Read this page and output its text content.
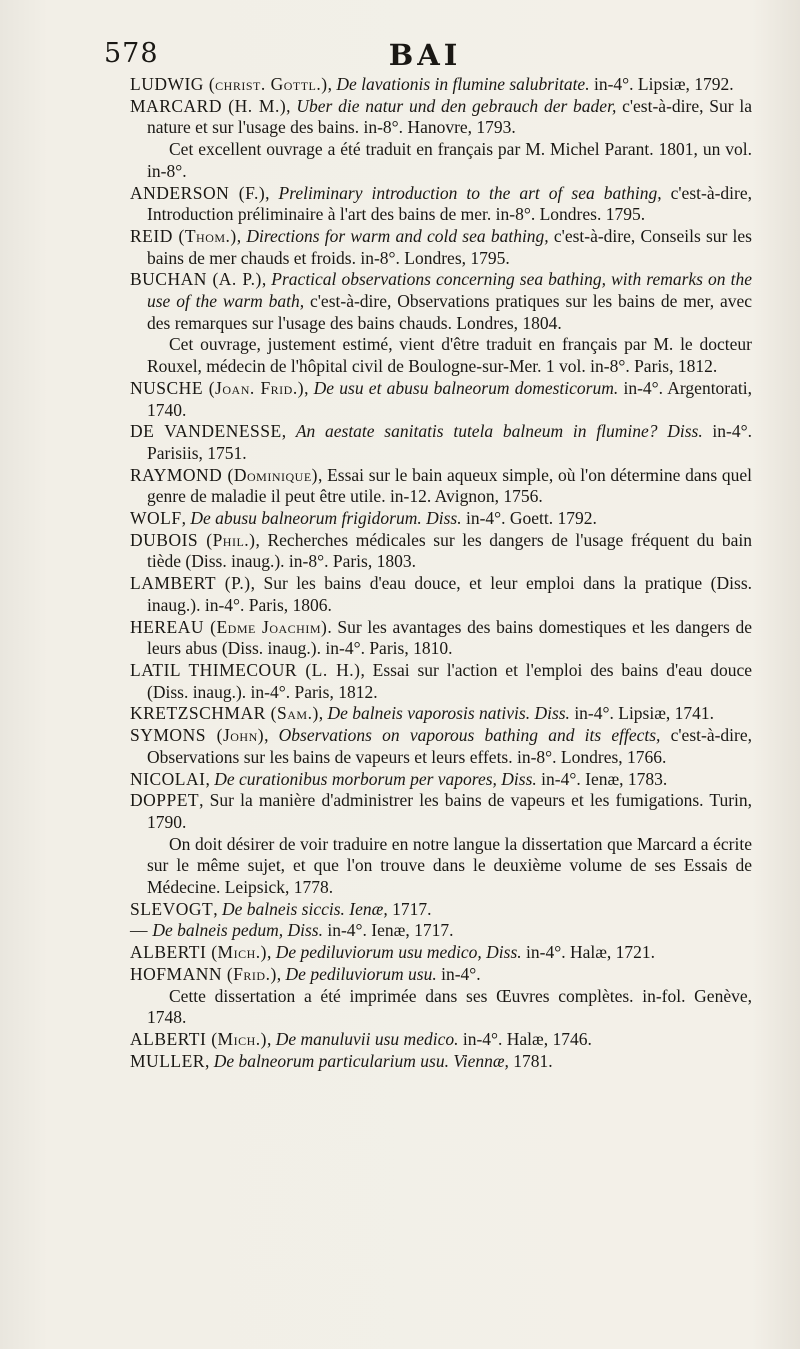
578	BAI
LUDWIG (christ. Gottl.), De lavationis in flumine salubritate. in-4°. Lipsiæ, 1792.
MARCARD (H. M.), Uber die natur und den gebrauch der bader, c'est-à-dire, Sur la nature et sur l'usage des bains. in-8°. Hanovre, 1793.
Cet excellent ouvrage a été traduit en français par M. Michel Parant. 1801, un vol. in-8°.
ANDERSON (F.), Preliminary introduction to the art of sea bathing, c'est-à-dire, Introduction préliminaire à l'art des bains de mer. in-8°. Londres. 1795.
REID (Thom.), Directions for warm and cold sea bathing, c'est-à-dire, Conseils sur les bains de mer chauds et froids. in-8°. Londres, 1795.
BUCHAN (A. P.), Practical observations concerning sea bathing, with remarks on the use of the warm bath, c'est-à-dire, Observations pratiques sur les bains de mer, avec des remarques sur l'usage des bains chauds. Londres, 1804.
Cet ouvrage, justement estimé, vient d'être traduit en français par M. le docteur Rouxel, médecin de l'hôpital civil de Boulogne-sur-Mer. 1 vol. in-8°. Paris, 1812.
NUSCHE (Joan. Frid.), De usu et abusu balneorum domesticorum. in-4°. Argentorati, 1740.
DE VANDENESSE, An aestate sanitatis tutela balneum in flumine? Diss. in-4°. Parisiis, 1751.
RAYMOND (Dominique), Essai sur le bain aqueux simple, où l'on détermine dans quel genre de maladie il peut être utile. in-12. Avignon, 1756.
WOLF, De abusu balneorum frigidorum. Diss. in-4°. Goett. 1792.
DUBOIS (Phil.), Recherches médicales sur les dangers de l'usage fréquent du bain tiède (Diss. inaug.). in-8°. Paris, 1803.
LAMBERT (P.), Sur les bains d'eau douce, et leur emploi dans la pratique (Diss. inaug.). in-4°. Paris, 1806.
HEREAU (Edme Joachim). Sur les avantages des bains domestiques et les dangers de leurs abus (Diss. inaug.). in-4°. Paris, 1810.
LATIL THIMECOUR (L. H.), Essai sur l'action et l'emploi des bains d'eau douce (Diss. inaug.). in-4°. Paris, 1812.
KRETZSCHMAR (Sam.), De balneis vaporosis nativis. Diss. in-4°. Lipsiæ, 1741.
SYMONS (John), Observations on vaporous bathing and its effects, c'est-à-dire, Observations sur les bains de vapeurs et leurs effets. in-8°. Londres, 1766.
NICOLAI, De curationibus morborum per vapores, Diss. in-4°. Ienæ, 1783.
DOPPET, Sur la manière d'administrer les bains de vapeurs et les fumigations. Turin, 1790.
On doit désirer de voir traduire en notre langue la dissertation que Marcard a écrite sur le même sujet, et que l'on trouve dans le deuxième volume de ses Essais de Médecine. Leipsick, 1778.
SLEVOGT, De balneis siccis. Ienæ, 1717.
— De balneis pedum, Diss. in-4°. Ienæ, 1717.
ALBERTI (Mich.), De pediluviorum usu medico, Diss. in-4°. Halæ, 1721.
HOFMANN (Frid.), De pediluviorum usu. in-4°.
Cette dissertation a été imprimée dans ses Œuvres complètes. in-fol. Genève, 1748.
ALBERTI (Mich.), De manuluvii usu medico. in-4°. Halæ, 1746.
MULLER, De balneorum particularium usu. Viennæ, 1781.
